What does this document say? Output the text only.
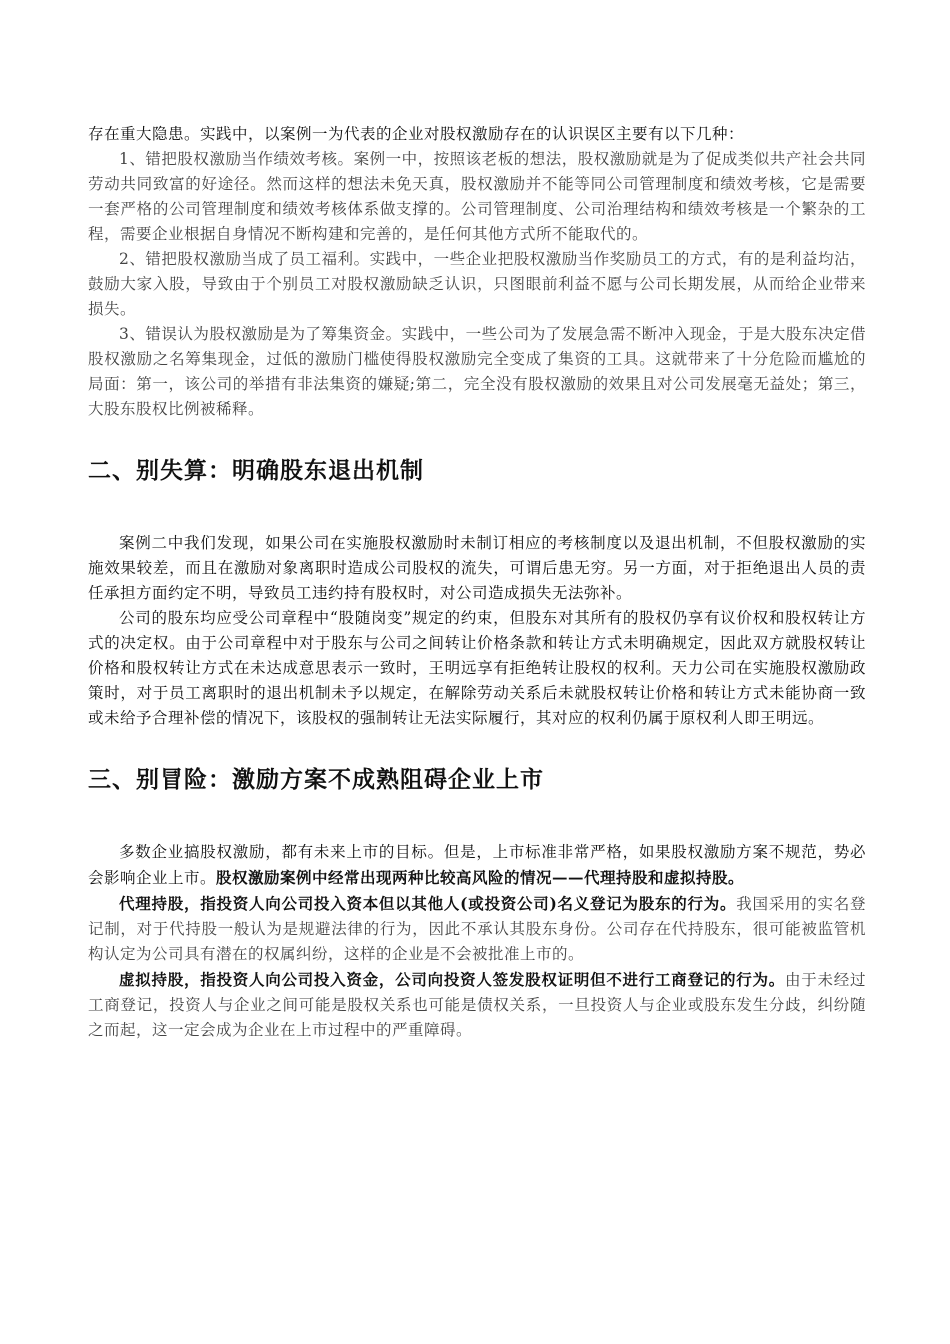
存在重大隐患。实践中，以案例一为代表的企业对股权激励存在的认识误区主要有以下几种：

1、错把股权激励当作绩效考核。案例一中，按照该老板的想法，股权激励就是为了促成类似共产社会共同劳动共同致富的好途径。然而这样的想法未免天真，股权激励并不能等同公司管理制度和绩效考核，它是需要一套严格的公司管理制度和绩效考核体系做支撑的。公司管理制度、公司治理结构和绩效考核是一个繁杂的工程，需要企业根据自身情况不断构建和完善的，是任何其他方式所不能取代的。

2、错把股权激励当成了员工福利。实践中，一些企业把股权激励当作奖励员工的方式，有的是利益均沾，鼓励大家入股，导致由于个别员工对股权激励缺乏认识，只图眼前利益不愿与公司长期发展，从而给企业带来损失。

3、错误认为股权激励是为了筹集资金。实践中，一些公司为了发展急需不断冲入现金，于是大股东决定借股权激励之名筹集现金，过低的激励门槛使得股权激励完全变成了集资的工具。这就带来了十分危险而尴尬的局面：第一，该公司的举措有非法集资的嫌疑;第二，完全没有股权激励的效果且对公司发展毫无益处；第三，大股东股权比例被稀释。

二、别失算：明确股东退出机制

案例二中我们发现，如果公司在实施股权激励时未制订相应的考核制度以及退出机制，不但股权激励的实施效果较差，而且在激励对象离职时造成公司股权的流失，可谓后患无穷。另一方面，对于拒绝退出人员的责任承担方面约定不明，导致员工违约持有股权时，对公司造成损失无法弥补。

公司的股东均应受公司章程中“股随岗变”规定的约束，但股东对其所有的股权仍享有议价权和股权转让方式的决定权。由于公司章程中对于股东与公司之间转让价格条款和转让方式未明确规定，因此双方就股权转让价格和股权转让方式在未达成意思表示一致时，王明远享有拒绝转让股权的权利。天力公司在实施股权激励政策时，对于员工离职时的退出机制未予以规定，在解除劳动关系后未就股权转让价格和转让方式未能协商一致或未给予合理补偿的情况下，该股权的强制转让无法实际履行，其对应的权利仍属于原权利人即王明远。

三、别冒险：激励方案不成熟阻碍企业上市

多数企业搞股权激励，都有未来上市的目标。但是，上市标准非常严格，如果股权激励方案不规范，势必会影响企业上市。股权激励案例中经常出现两种比较高风险的情况——代理持股和虚拟持股。

代理持股，指投资人向公司投入资本但以其他人(或投资公司)名义登记为股东的行为。我国采用的实名登记制，对于代持股一般认为是规避法律的行为，因此不承认其股东身份。公司存在代持股东，很可能被监管机构认定为公司具有潜在的权属纠纷，这样的企业是不会被批准上市的。

虚拟持股，指投资人向公司投入资金，公司向投资人签发股权证明但不进行工商登记的行为。由于未经过工商登记，投资人与企业之间可能是股权关系也可能是债权关系，一旦投资人与企业或股东发生分歧，纠纷随之而起，这一定会成为企业在上市过程中的严重障碍。
